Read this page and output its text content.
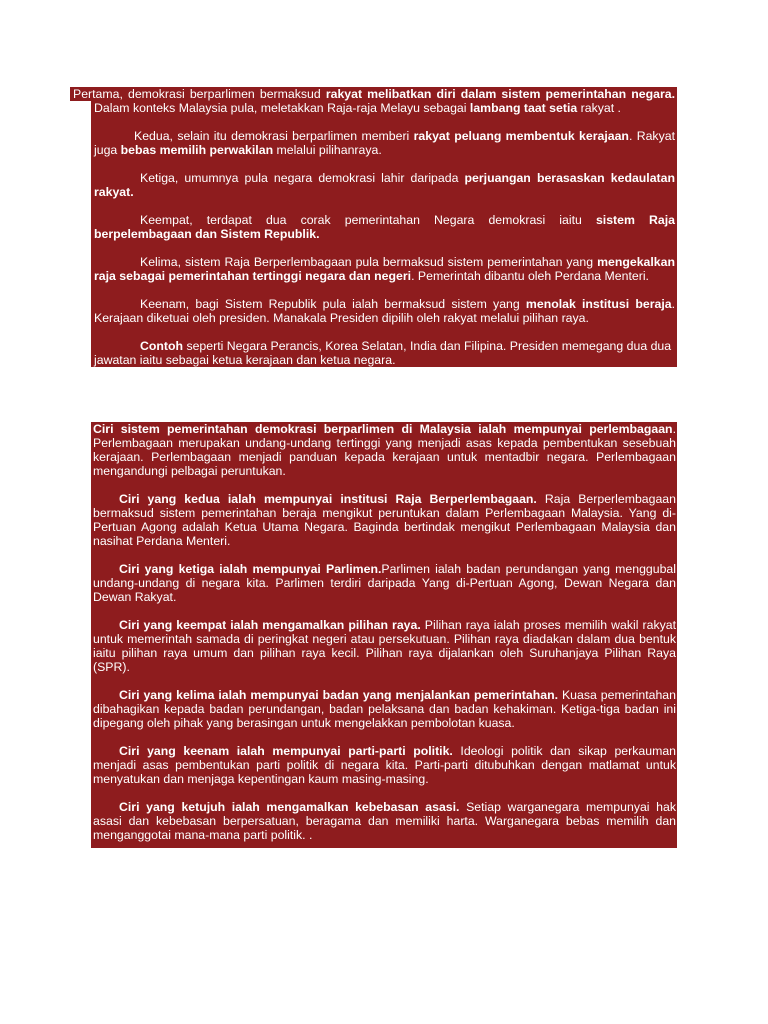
Pertama, demokrasi berparlimen bermaksud rakyat melibatkan diri dalam sistem pemerintahan negara. Dalam konteks Malaysia pula, meletakkan Raja-raja Melayu sebagai lambang taat setia rakyat .

Kedua, selain itu demokrasi berparlimen memberi rakyat peluang membentuk kerajaan. Rakyat juga bebas memilih perwakilan melalui pilihanraya.

Ketiga, umumnya pula negara demokrasi lahir daripada perjuangan berasaskan kedaulatan rakyat.

Keempat, terdapat dua corak pemerintahan Negara demokrasi iaitu sistem Raja berpelembagaan dan Sistem Republik.

Kelima, sistem Raja Berperlembagaan pula bermaksud sistem pemerintahan yang mengekalkan raja sebagai pemerintahan tertinggi negara dan negeri. Pemerintah dibantu oleh Perdana Menteri.

Keenam, bagi Sistem Republik pula ialah bermaksud sistem yang menolak institusi beraja. Kerajaan diketuai oleh presiden. Manakala Presiden dipilih oleh rakyat melalui pilihan raya.

Contoh seperti Negara Perancis, Korea Selatan, India dan Filipina. Presiden memegang dua dua jawatan iaitu sebagai ketua kerajaan dan ketua negara.

Ciri sistem pemerintahan demokrasi berparlimen di Malaysia ialah mempunyai perlembagaan. Perlembagaan merupakan undang-undang tertinggi yang menjadi asas kepada pembentukan sesebuah kerajaan. Perlembagaan menjadi panduan kepada kerajaan untuk mentadbir negara. Perlembagaan mengandungi pelbagai peruntukan.

Ciri yang kedua ialah mempunyai institusi Raja Berperlembagaan. Raja Berperlembagaan bermaksud sistem pemerintahan beraja mengikut peruntukan dalam Perlembagaan Malaysia. Yang di-Pertuan Agong adalah Ketua Utama Negara. Baginda bertindak mengikut Perlembagaan Malaysia dan nasihat Perdana Menteri.

Ciri yang ketiga ialah mempunyai Parlimen.Parlimen ialah badan perundangan yang menggubal undang-undang di negara kita. Parlimen terdiri daripada Yang di-Pertuan Agong, Dewan Negara dan Dewan Rakyat.

Ciri yang keempat ialah mengamalkan pilihan raya. Pilihan raya ialah proses memilih wakil rakyat untuk memerintah samada di peringkat negeri atau persekutuan. Pilihan raya diadakan dalam dua bentuk iaitu pilihan raya umum dan pilihan raya kecil. Pilihan raya dijalankan oleh Suruhanjaya Pilihan Raya (SPR).

Ciri yang kelima ialah mempunyai badan yang menjalankan pemerintahan. Kuasa pemerintahan dibahagikan kepada badan perundangan, badan pelaksana dan badan kehakiman. Ketiga-tiga badan ini dipegang oleh pihak yang berasingan untuk mengelakkan pembolotan kuasa.

Ciri yang keenam ialah mempunyai parti-parti politik. Ideologi politik dan sikap perkauman menjadi asas pembentukan parti politik di negara kita. Parti-parti ditubuhkan dengan matlamat untuk menyatukan dan menjaga kepentingan kaum masing-masing.

Ciri yang ketujuh ialah mengamalkan kebebasan asasi. Setiap warganegara mempunyai hak asasi dan kebebasan berpersatuan, beragama dan memiliki harta. Warganegara bebas memilih dan menganggotai mana-mana parti politik. .
